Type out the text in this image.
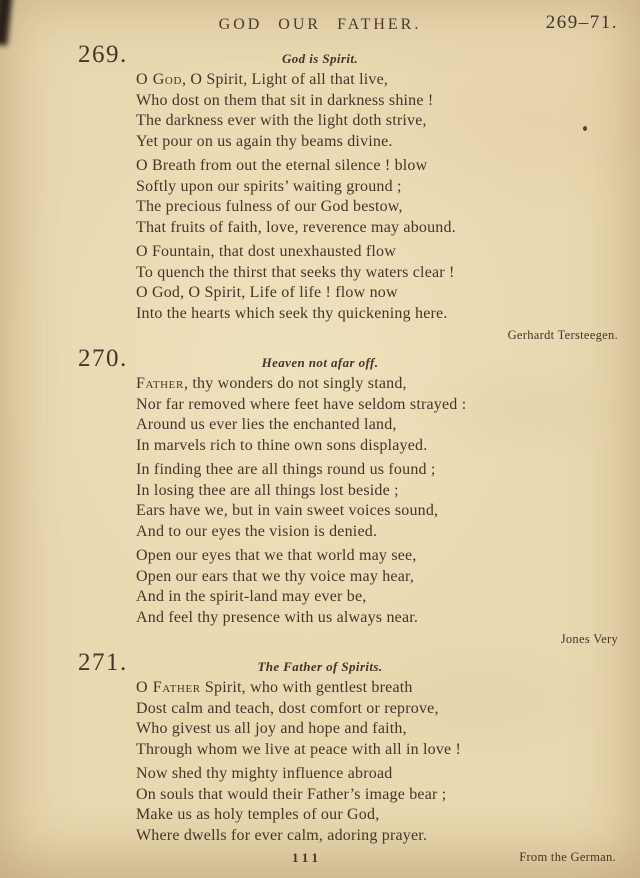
GOD OUR FATHER.	269–71.
269.	God is Spirit.
O God, O Spirit, Light of all that live,
Who dost on them that sit in darkness shine !
The darkness ever with the light doth strive,
Yet pour on us again thy beams divine.
O Breath from out the eternal silence ! blow
Softly upon our spirits’ waiting ground ;
The precious fulness of our God bestow,
That fruits of faith, love, reverence may abound.
O Fountain, that dost unexhausted flow
To quench the thirst that seeks thy waters clear !
O God, O Spirit, Life of life ! flow now
Into the hearts which seek thy quickening here.
Gerhardt Tersteegen.
270.	Heaven not afar off.
Father, thy wonders do not singly stand,
Nor far removed where feet have seldom strayed :
Around us ever lies the enchanted land,
In marvels rich to thine own sons displayed.
In finding thee are all things round us found ;
In losing thee are all things lost beside ;
Ears have we, but in vain sweet voices sound,
And to our eyes the vision is denied.
Open our eyes that we that world may see,
Open our ears that we thy voice may hear,
And in the spirit-land may ever be,
And feel thy presence with us always near.
Jones Very
271.	The Father of Spirits.
O Father Spirit, who with gentlest breath
Dost calm and teach, dost comfort or reprove,
Who givest us all joy and hope and faith,
Through whom we live at peace with all in love !
Now shed thy mighty influence abroad
On souls that would their Father’s image bear ;
Make us as holy temples of our God,
Where dwells for ever calm, adoring prayer.
111	From the German.
